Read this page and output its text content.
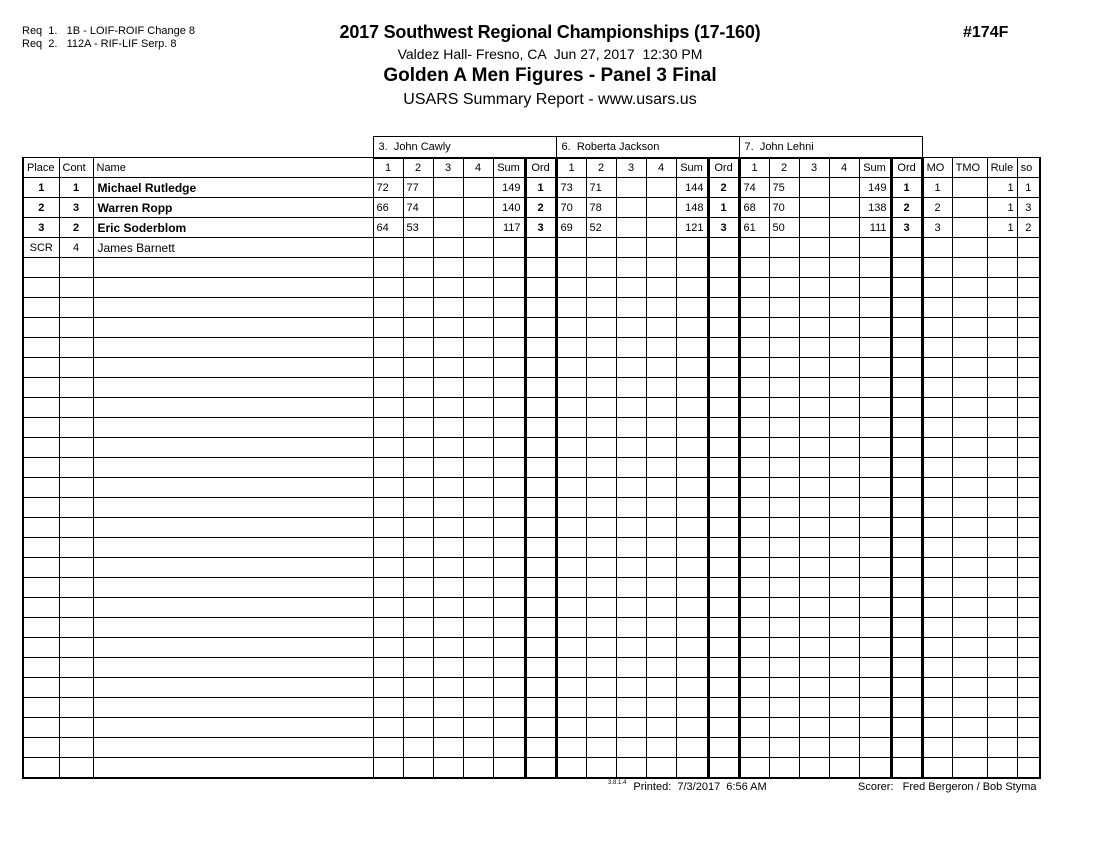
Req  1.   1B - LOIF-ROIF Change 8
Req  2.   112A - RIF-LIF Serp. 8
2017 Southwest Regional Championships (17-160)
Valdez Hall- Fresno, CA  Jun 27, 2017  12:30 PM
Golden A Men Figures - Panel 3 Final
USARS Summary Report - www.usars.us
#174F
			3.  John Cawly						6.  Roberta Jackson						7.  John Lehni									
Place	Cont	Name	1	2	3	4	Sum	Ord	1	2	3	4	Sum	Ord	1	2	3	4	Sum	Ord	MO	TMO	Rule	so
1	1	Michael Rutledge	72	77			149	1	73	71			144	2	74	75			149	1	1		1	1
2	3	Warren Ropp	66	74			140	2	70	78			148	1	68	70			138	2	2		1	3
3	2	Eric Soderblom	64	53			117	3	69	52			121	3	61	50			111	3	3		1	2
SCR	4	James Barnett																						

$^{3.8.1.4}$ Printed:  7/3/2017  6:56 AM	Scorer:   Fred Bergeron / Bob Styma
